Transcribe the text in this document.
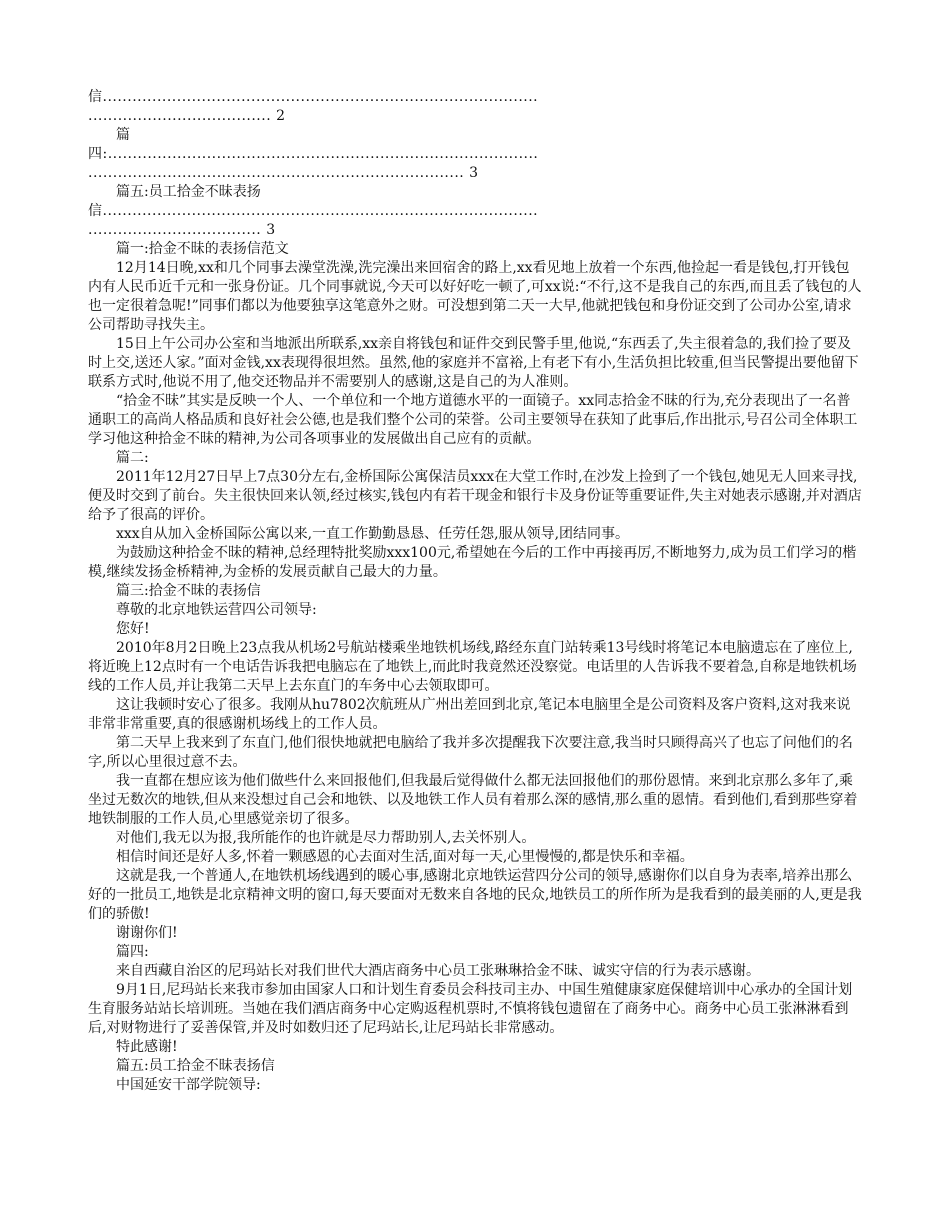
信........................................................................................

..................................... 2

篇

四:.......................................................................................

............................................................................ 3

篇五:员工拾金不昧表扬

信........................................................................................

................................... 3

篇一:拾金不昧的表扬信范文

12月14日晚,xx和几个同事去澡堂洗澡,洗完澡出来回宿舍的路上,xx看见地上放着一个东西,他捡起一看是钱包,打开钱包内有人民币近千元和一张身份证。几个同事就说,今天可以好好吃一顿了,可xx说:“不行,这不是我自己的东西,而且丢了钱包的人也一定很着急呢!”同事们都以为他要独享这笔意外之财。可没想到第二天一大早,他就把钱包和身份证交到了公司办公室,请求公司帮助寻找失主。

15日上午公司办公室和当地派出所联系,xx亲自将钱包和证件交到民警手里,他说,“东西丢了,失主很着急的,我们捡了要及时上交,送还人家。”面对金钱,xx表现得很坦然。虽然,他的家庭并不富裕,上有老下有小,生活负担比较重,但当民警提出要他留下联系方式时,他说不用了,他交还物品并不需要别人的感谢,这是自己的为人准则。

“拾金不昧”其实是反映一个人、一个单位和一个地方道德水平的一面镜子。xx同志拾金不昧的行为,充分表现出了一名普通职工的高尚人格品质和良好社会公德,也是我们整个公司的荣誉。公司主要领导在获知了此事后,作出批示,号召公司全体职工学习他这种拾金不昧的精神,为公司各项事业的发展做出自己应有的贡献。

篇二:

2011年12月27日早上7点30分左右,金桥国际公寓保洁员xxx在大堂工作时,在沙发上捡到了一个钱包,她见无人回来寻找,便及时交到了前台。失主很快回来认领,经过核实,钱包内有若干现金和银行卡及身份证等重要证件,失主对她表示感谢,并对酒店给予了很高的评价。

xxx自从加入金桥国际公寓以来,一直工作勤勤恳恳、任劳任怨,服从领导,团结同事。

为鼓励这种拾金不昧的精神,总经理特批奖励xxx100元,希望她在今后的工作中再接再厉,不断地努力,成为员工们学习的楷模,继续发扬金桥精神,为金桥的发展贡献自己最大的力量。

篇三:拾金不昧的表扬信

尊敬的北京地铁运营四公司领导:

您好!

2010年8月2日晚上23点我从机场2号航站楼乘坐地铁机场线,路经东直门站转乘13号线时将笔记本电脑遗忘在了座位上,将近晚上12点时有一个电话告诉我把电脑忘在了地铁上,而此时我竟然还没察觉。电话里的人告诉我不要着急,自称是地铁机场线的工作人员,并让我第二天早上去东直门的车务中心去领取即可。

这让我顿时安心了很多。我刚从hu7802次航班从广州出差回到北京,笔记本电脑里全是公司资料及客户资料,这对我来说非常非常重要,真的很感谢机场线上的工作人员。

第二天早上我来到了东直门,他们很快地就把电脑给了我并多次提醒我下次要注意,我当时只顾得高兴了也忘了问他们的名字,所以心里很过意不去。

我一直都在想应该为他们做些什么来回报他们,但我最后觉得做什么都无法回报他们的那份恩情。来到北京那么多年了,乘坐过无数次的地铁,但从来没想过自己会和地铁、以及地铁工作人员有着那么深的感情,那么重的恩情。看到他们,看到那些穿着地铁制服的工作人员,心里感觉亲切了很多。

对他们,我无以为报,我所能作的也许就是尽力帮助别人,去关怀别人。

相信时间还是好人多,怀着一颗感恩的心去面对生活,面对每一天,心里慢慢的,都是快乐和幸福。

这就是我,一个普通人,在地铁机场线遇到的暖心事,感谢北京地铁运营四分公司的领导,感谢你们以自身为表率,培养出那么好的一批员工,地铁是北京精神文明的窗口,每天要面对无数来自各地的民众,地铁员工的所作所为是我看到的最美丽的人,更是我们的骄傲!

谢谢你们!

篇四:

来自西藏自治区的尼玛站长对我们世代大酒店商务中心员工张琳琳拾金不昧、诚实守信的行为表示感谢。

9月1日,尼玛站长来我市参加由国家人口和计划生育委员会科技司主办、中国生殖健康家庭保健培训中心承办的全国计划生育服务站站长培训班。当她在我们酒店商务中心定购返程机票时,不慎将钱包遗留在了商务中心。商务中心员工张淋淋看到后,对财物进行了妥善保管,并及时如数归还了尼玛站长,让尼玛站长非常感动。

特此感谢!

篇五:员工拾金不昧表扬信

中国延安干部学院领导:
